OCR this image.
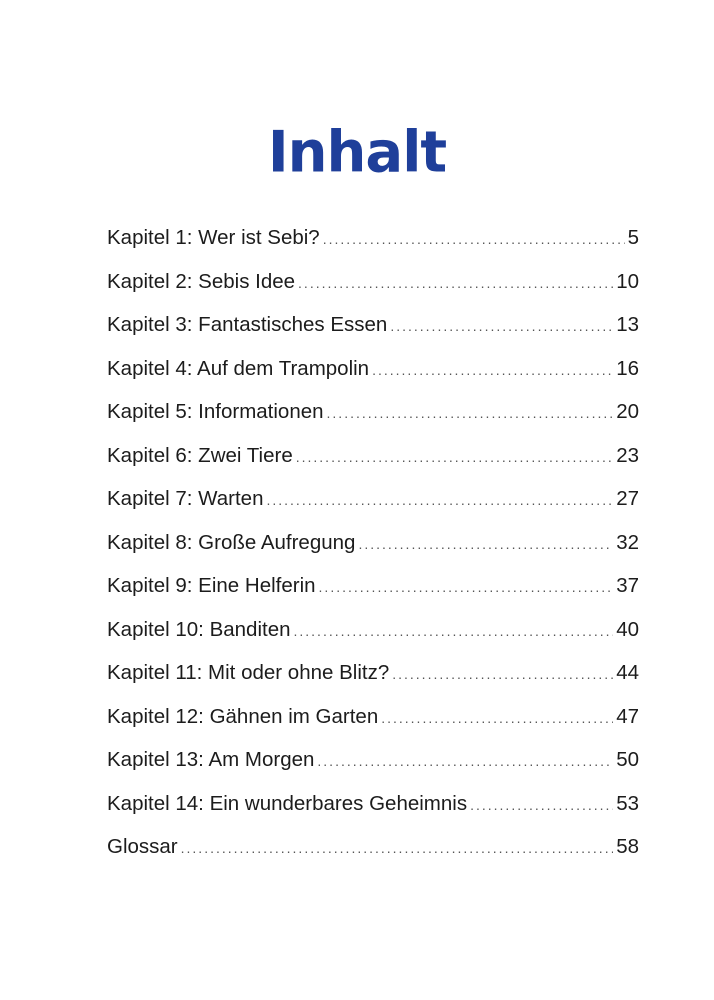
Inhalt
Kapitel 1: Wer ist Sebi? .....	5
Kapitel 2: Sebis Idee .....	10
Kapitel 3: Fantastisches Essen .....	13
Kapitel 4: Auf dem Trampolin .....	16
Kapitel 5: Informationen .....	20
Kapitel 6: Zwei Tiere .....	23
Kapitel 7: Warten .....	27
Kapitel 8: Große Aufregung .....	32
Kapitel 9: Eine Helferin .....	37
Kapitel 10: Banditen .....	40
Kapitel 11: Mit oder ohne Blitz? .....	44
Kapitel 12: Gähnen im Garten .....	47
Kapitel 13: Am Morgen .....	50
Kapitel 14: Ein wunderbares Geheimnis .....	53
Glossar .....	58
